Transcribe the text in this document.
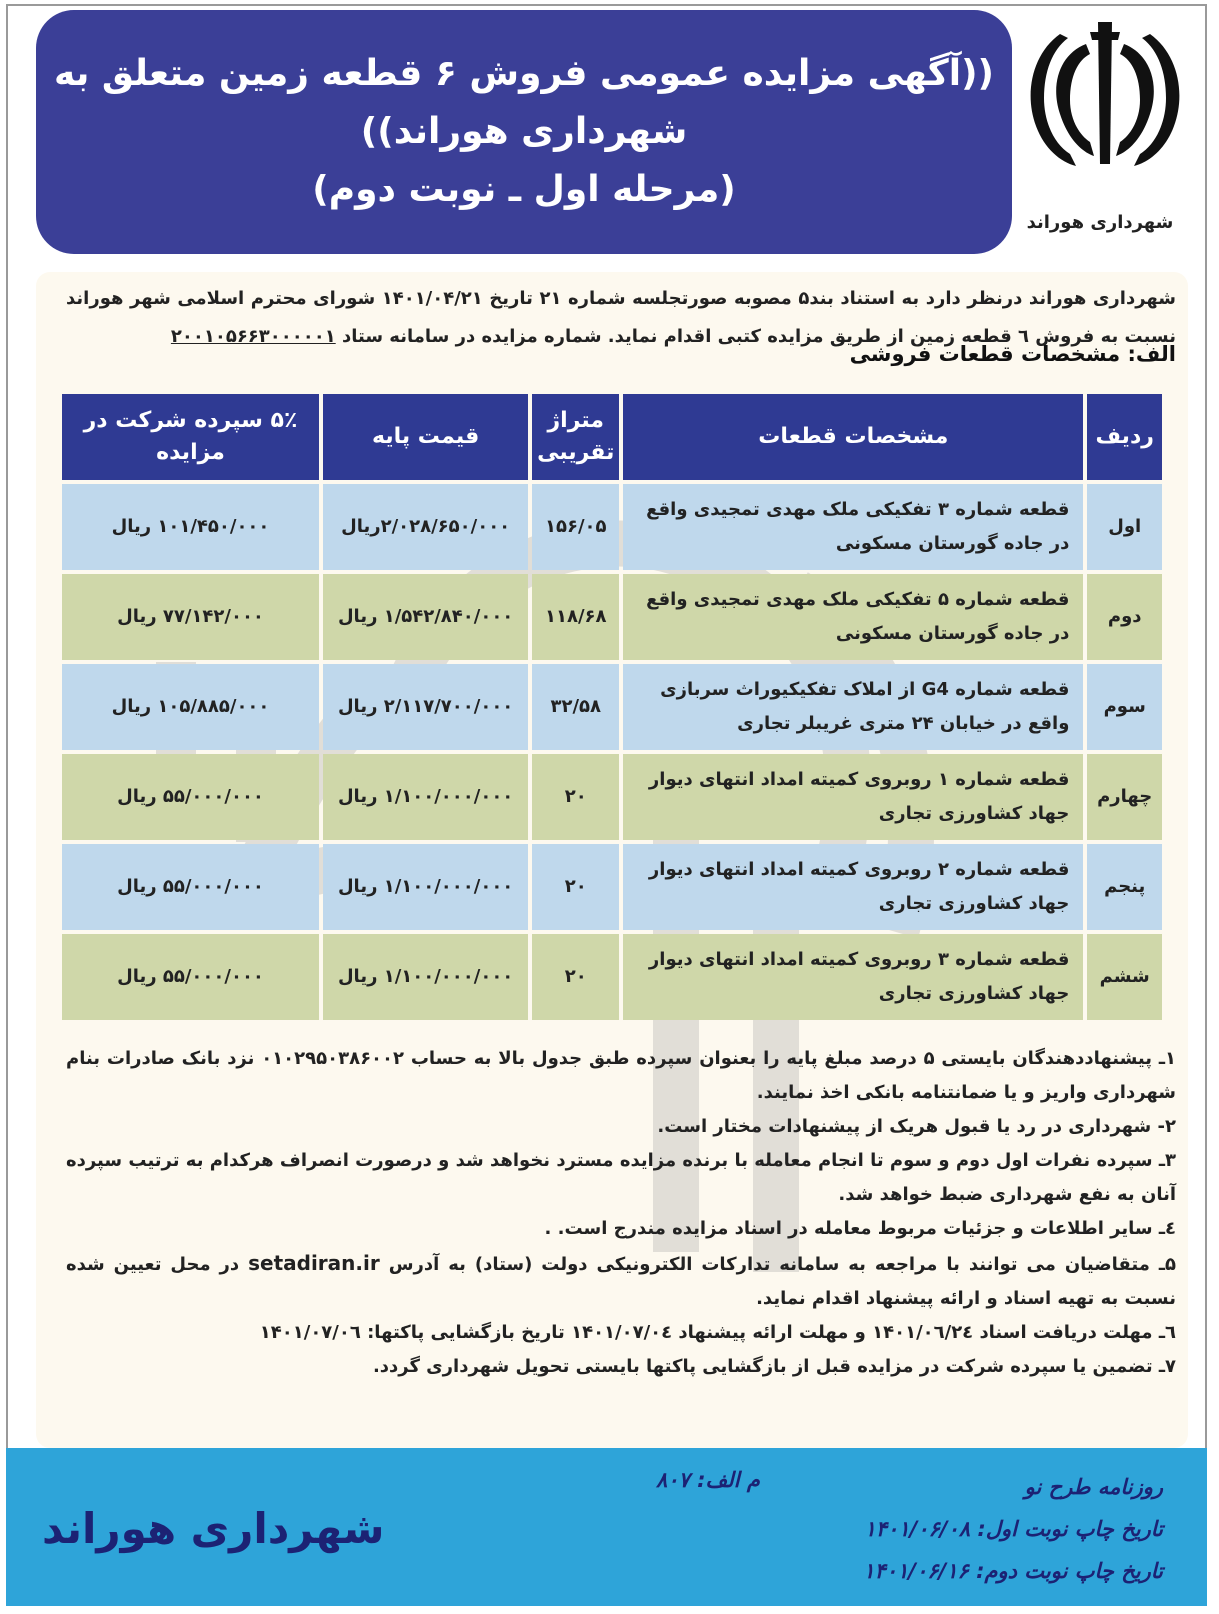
((آگهی مزایده عمومی فروش ۶ قطعه زمین متعلق به
شهرداری هوراند))
(مرحله اول ـ نوبت دوم)
شهرداری هوراند
شهرداری هوراند درنظر دارد به استناد بند۵ مصوبه صورتجلسه شماره ۲۱ تاریخ ۱۴۰۱/۰۴/۲۱ شورای محترم اسلامی شهر هوراند نسبت به فروش ٦ قطعه زمین از طریق مزایده کتبی اقدام نماید. شماره مزایده در سامانه ستاد ۲۰۰۱۰۵۶۶۳۰۰۰۰۰۱
الف: مشخصات قطعات فروشی
ردیف	مشخصات قطعات	متراژ تقریبی	قیمت پایه	۵٪ سپرده شرکت در مزایده
اول	قطعه شماره ۳ تفکیکی ملک مهدی تمجیدی واقع در جاده گورستان مسکونی	۱۵۶/۰۵	۲/۰۲۸/۶۵۰/۰۰۰ریال	۱۰۱/۴۵۰/۰۰۰ ریال
دوم	قطعه شماره ۵ تفکیکی ملک مهدی تمجیدی واقع در جاده گورستان مسکونی	۱۱۸/۶۸	۱/۵۴۲/۸۴۰/۰۰۰ ریال	۷۷/۱۴۲/۰۰۰ ریال
سوم	قطعه شماره G4 از املاک تفکیکیوراث سربازی واقع در خیابان ۲۴ متری غریبلر تجاری	۳۲/۵۸	۲/۱۱۷/۷۰۰/۰۰۰ ریال	۱۰۵/۸۸۵/۰۰۰ ریال
چهارم	قطعه شماره ۱ روبروی کمیته امداد انتهای دیوار جهاد کشاورزی تجاری	۲۰	۱/۱۰۰/۰۰۰/۰۰۰ ریال	۵۵/۰۰۰/۰۰۰ ریال
پنجم	قطعه شماره ۲ روبروی کمیته امداد انتهای دیوار جهاد کشاورزی تجاری	۲۰	۱/۱۰۰/۰۰۰/۰۰۰ ریال	۵۵/۰۰۰/۰۰۰ ریال
ششم	قطعه شماره ۳ روبروی کمیته امداد انتهای دیوار جهاد کشاورزی تجاری	۲۰	۱/۱۰۰/۰۰۰/۰۰۰ ریال	۵۵/۰۰۰/۰۰۰ ریال

۱ـ پیشنهاددهندگان بایستی ۵ درصد مبلغ پایه را بعنوان سپرده طبق جدول بالا به حساب ۰۱۰۲۹۵۰۳۸۶۰۰۲ نزد بانک صادرات بنام شهرداری واریز و یا ضمانتنامه بانکی اخذ نمایند.

۲- شهرداری در رد یا قبول هریک از پیشنهادات مختار است.

۳ـ سپرده نفرات اول دوم و سوم تا انجام معامله با برنده مزایده مسترد نخواهد شد و درصورت انصراف هرکدام به ترتیب سپرده آنان به نفع شهرداری ضبط خواهد شد.

٤ـ سایر اطلاعات و جزئیات مربوط معامله در اسناد مزایده مندرج است. .

۵ـ متقاضیان می توانند با مراجعه به سامانه تدارکات الکترونیکی دولت (ستاد) به آدرس setadiran.ir در محل تعیین شده نسبت به تهیه اسناد و ارائه پیشنهاد اقدام نماید.

٦ـ مهلت دریافت اسناد ۱۴۰۱/۰٦/۲٤ و مهلت ارائه پیشنهاد ۱۴۰۱/۰۷/۰٤ تاریخ بازگشایی پاکتها: ۱۴۰۱/۰۷/۰٦

۷ـ تضمین یا سپرده شرکت در مزایده قبل از بازگشایی پاکتها بایستی تحویل شهرداری گردد.

شهرداری هوراند
م الف: ۸۰۷	روزنامه طرح نو
تاریخ چاپ نوبت اول: ۱۴۰۱/۰۶/۰۸
تاریخ چاپ نوبت دوم: ۱۴۰۱/۰۶/۱۶
